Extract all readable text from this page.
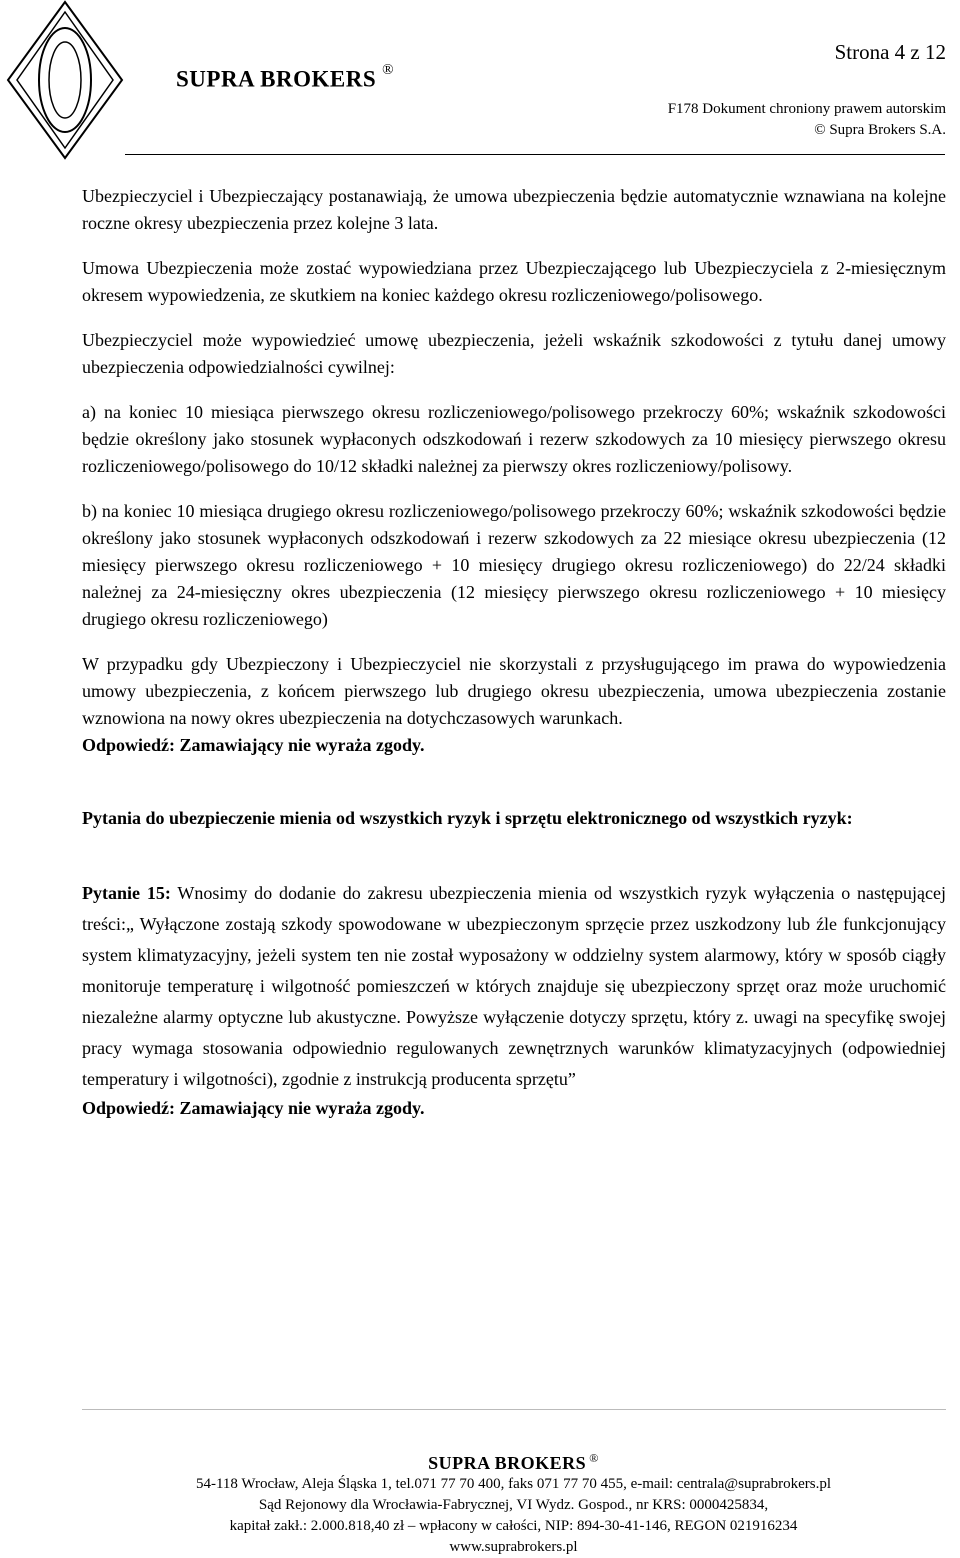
SUPRA BROKERS ®
Strona 4 z 12
F178 Dokument chroniony prawem autorskim
© Supra Brokers S.A.

Ubezpieczyciel i Ubezpieczający postanawiają, że umowa ubezpieczenia będzie automatycznie wznawiana na kolejne roczne okresy ubezpieczenia przez kolejne 3 lata.

Umowa Ubezpieczenia może zostać wypowiedziana przez Ubezpieczającego lub Ubezpieczyciela z 2-miesięcznym okresem wypowiedzenia, ze skutkiem na koniec każdego okresu rozliczeniowego/polisowego.

Ubezpieczyciel może wypowiedzieć umowę ubezpieczenia, jeżeli wskaźnik szkodowości z tytułu danej umowy ubezpieczenia odpowiedzialności cywilnej:

a) na koniec 10 miesiąca pierwszego okresu rozliczeniowego/polisowego przekroczy 60%; wskaźnik szkodowości będzie określony jako stosunek wypłaconych odszkodowań i rezerw szkodowych za 10 miesięcy pierwszego okresu rozliczeniowego/polisowego do 10/12 składki należnej za pierwszy okres rozliczeniowy/polisowy.

b) na koniec 10 miesiąca drugiego okresu rozliczeniowego/polisowego przekroczy 60%; wskaźnik szkodowości będzie określony jako stosunek wypłaconych odszkodowań i rezerw szkodowych za 22 miesiące okresu ubezpieczenia (12 miesięcy pierwszego okresu rozliczeniowego + 10 miesięcy drugiego okresu rozliczeniowego) do 22/24 składki należnej za 24-miesięczny okres ubezpieczenia (12 miesięcy pierwszego okresu rozliczeniowego + 10 miesięcy drugiego okresu rozliczeniowego)

W przypadku gdy Ubezpieczony i Ubezpieczyciel nie skorzystali z przysługującego im prawa do wypowiedzenia umowy ubezpieczenia, z końcem pierwszego lub drugiego okresu ubezpieczenia, umowa ubezpieczenia zostanie wznowiona na nowy okres ubezpieczenia na dotychczasowych warunkach.

Odpowiedź: Zamawiający nie wyraża zgody.

Pytania do ubezpieczenie mienia od wszystkich ryzyk i sprzętu elektronicznego od wszystkich ryzyk:

Pytanie 15: Wnosimy do dodanie do zakresu ubezpieczenia mienia od wszystkich ryzyk wyłączenia o następującej treści:„ Wyłączone zostają szkody spowodowane w ubezpieczonym sprzęcie przez uszkodzony lub źle funkcjonujący system klimatyzacyjny, jeżeli system ten nie został wyposażony w oddzielny system alarmowy, który w sposób ciągły monitoruje temperaturę i wilgotność pomieszczeń w których znajduje się ubezpieczony sprzęt oraz może uruchomić niezależne alarmy optyczne lub akustyczne. Powyższe wyłączenie dotyczy sprzętu, który z. uwagi na specyfikę swojej pracy wymaga stosowania odpowiednio regulowanych zewnętrznych warunków klimatyzacyjnych (odpowiedniej temperatury i wilgotności), zgodnie z instrukcją producenta sprzętu”

Odpowiedź: Zamawiający nie wyraża zgody.

SUPRA BROKERS ®
54-118 Wrocław, Aleja Śląska 1, tel.071 77 70 400, faks 071 77 70 455, e-mail: centrala@suprabrokers.pl
Sąd Rejonowy dla Wrocławia-Fabrycznej, VI Wydz. Gospod., nr KRS: 0000425834,
kapitał zakł.: 2.000.818,40 zł – wpłacony w całości, NIP: 894-30-41-146, REGON 021916234
www.suprabrokers.pl
